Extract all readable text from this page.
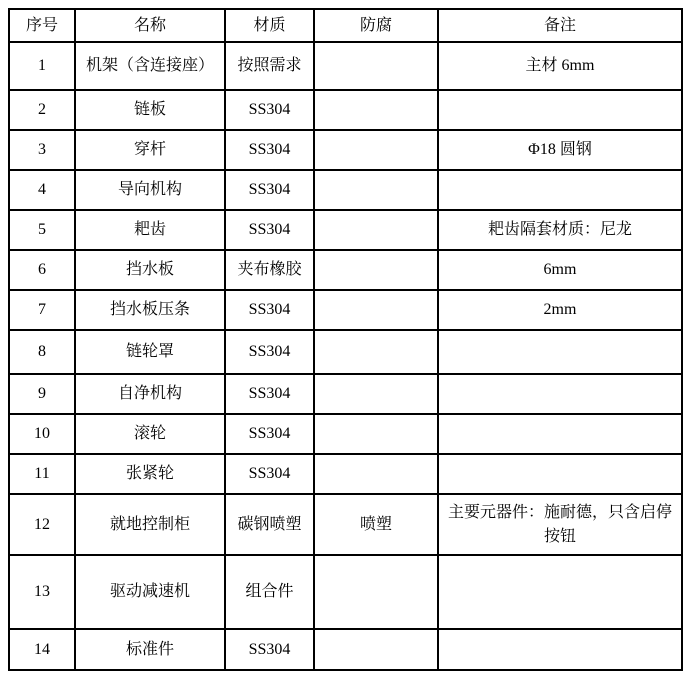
序号	名称	材质	防腐	备注
1	机架（含连接座）	按照需求		主材 6mm
2	链板	SS304		
3	穿杆	SS304		Φ18 圆钢
4	导向机构	SS304		
5	耙齿	SS304		耙齿隔套材质：尼龙
6	挡水板	夹布橡胶		6mm
7	挡水板压条	SS304		2mm
8	链轮罩	SS304		
9	自净机构	SS304		
10	滚轮	SS304		
11	张紧轮	SS304		
12	就地控制柜	碳钢喷塑	喷塑	主要元器件：施耐德，只含启停按钮
13	驱动减速机	组合件		
14	标准件	SS304		
